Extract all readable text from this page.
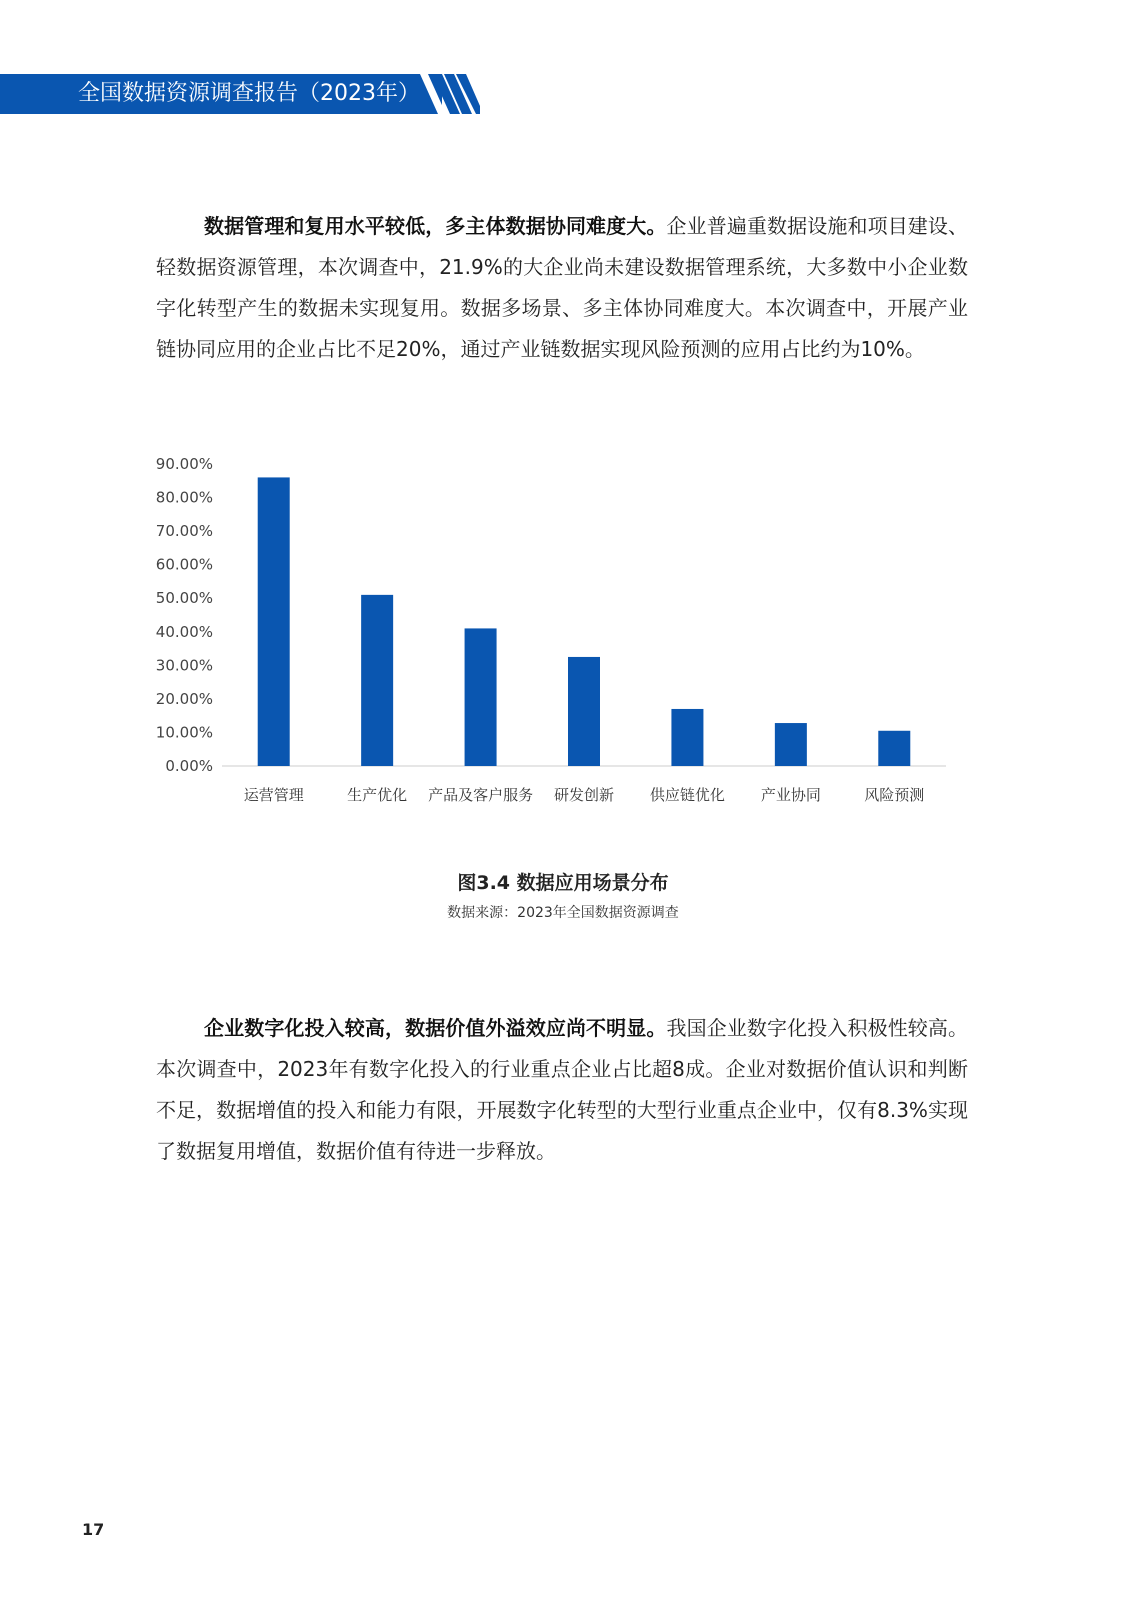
全国数据资源调查报告（2023年）

数据管理和复用水平较低，多主体数据协同难度大。企业普遍重数据设施和项目建设、轻数据资源管理，本次调查中，21.9%的大企业尚未建设数据管理系统，大多数中小企业数字化转型产生的数据未实现复用。数据多场景、多主体协同难度大。本次调查中，开展产业链协同应用的企业占比不足20%，通过产业链数据实现风险预测的应用占比约为10%。

0.00%
10.00%
20.00%
30.00%
40.00%
50.00%
60.00%
70.00%
80.00%
90.00%
运营管理	生产优化 产品及客户服务 研发创新 供应链优化 产业协同	风险预测
图3.4 数据应用场景分布
数据来源：2023年全国数据资源调查

企业数字化投入较高，数据价值外溢效应尚不明显。我国企业数字化投入积极性较高。本次调查中，2023年有数字化投入的行业重点企业占比超8成。企业对数据价值认识和判断不足，数据增值的投入和能力有限，开展数字化转型的大型行业重点企业中，仅有8.3%实现了数据复用增值，数据价值有待进一步释放。

17
